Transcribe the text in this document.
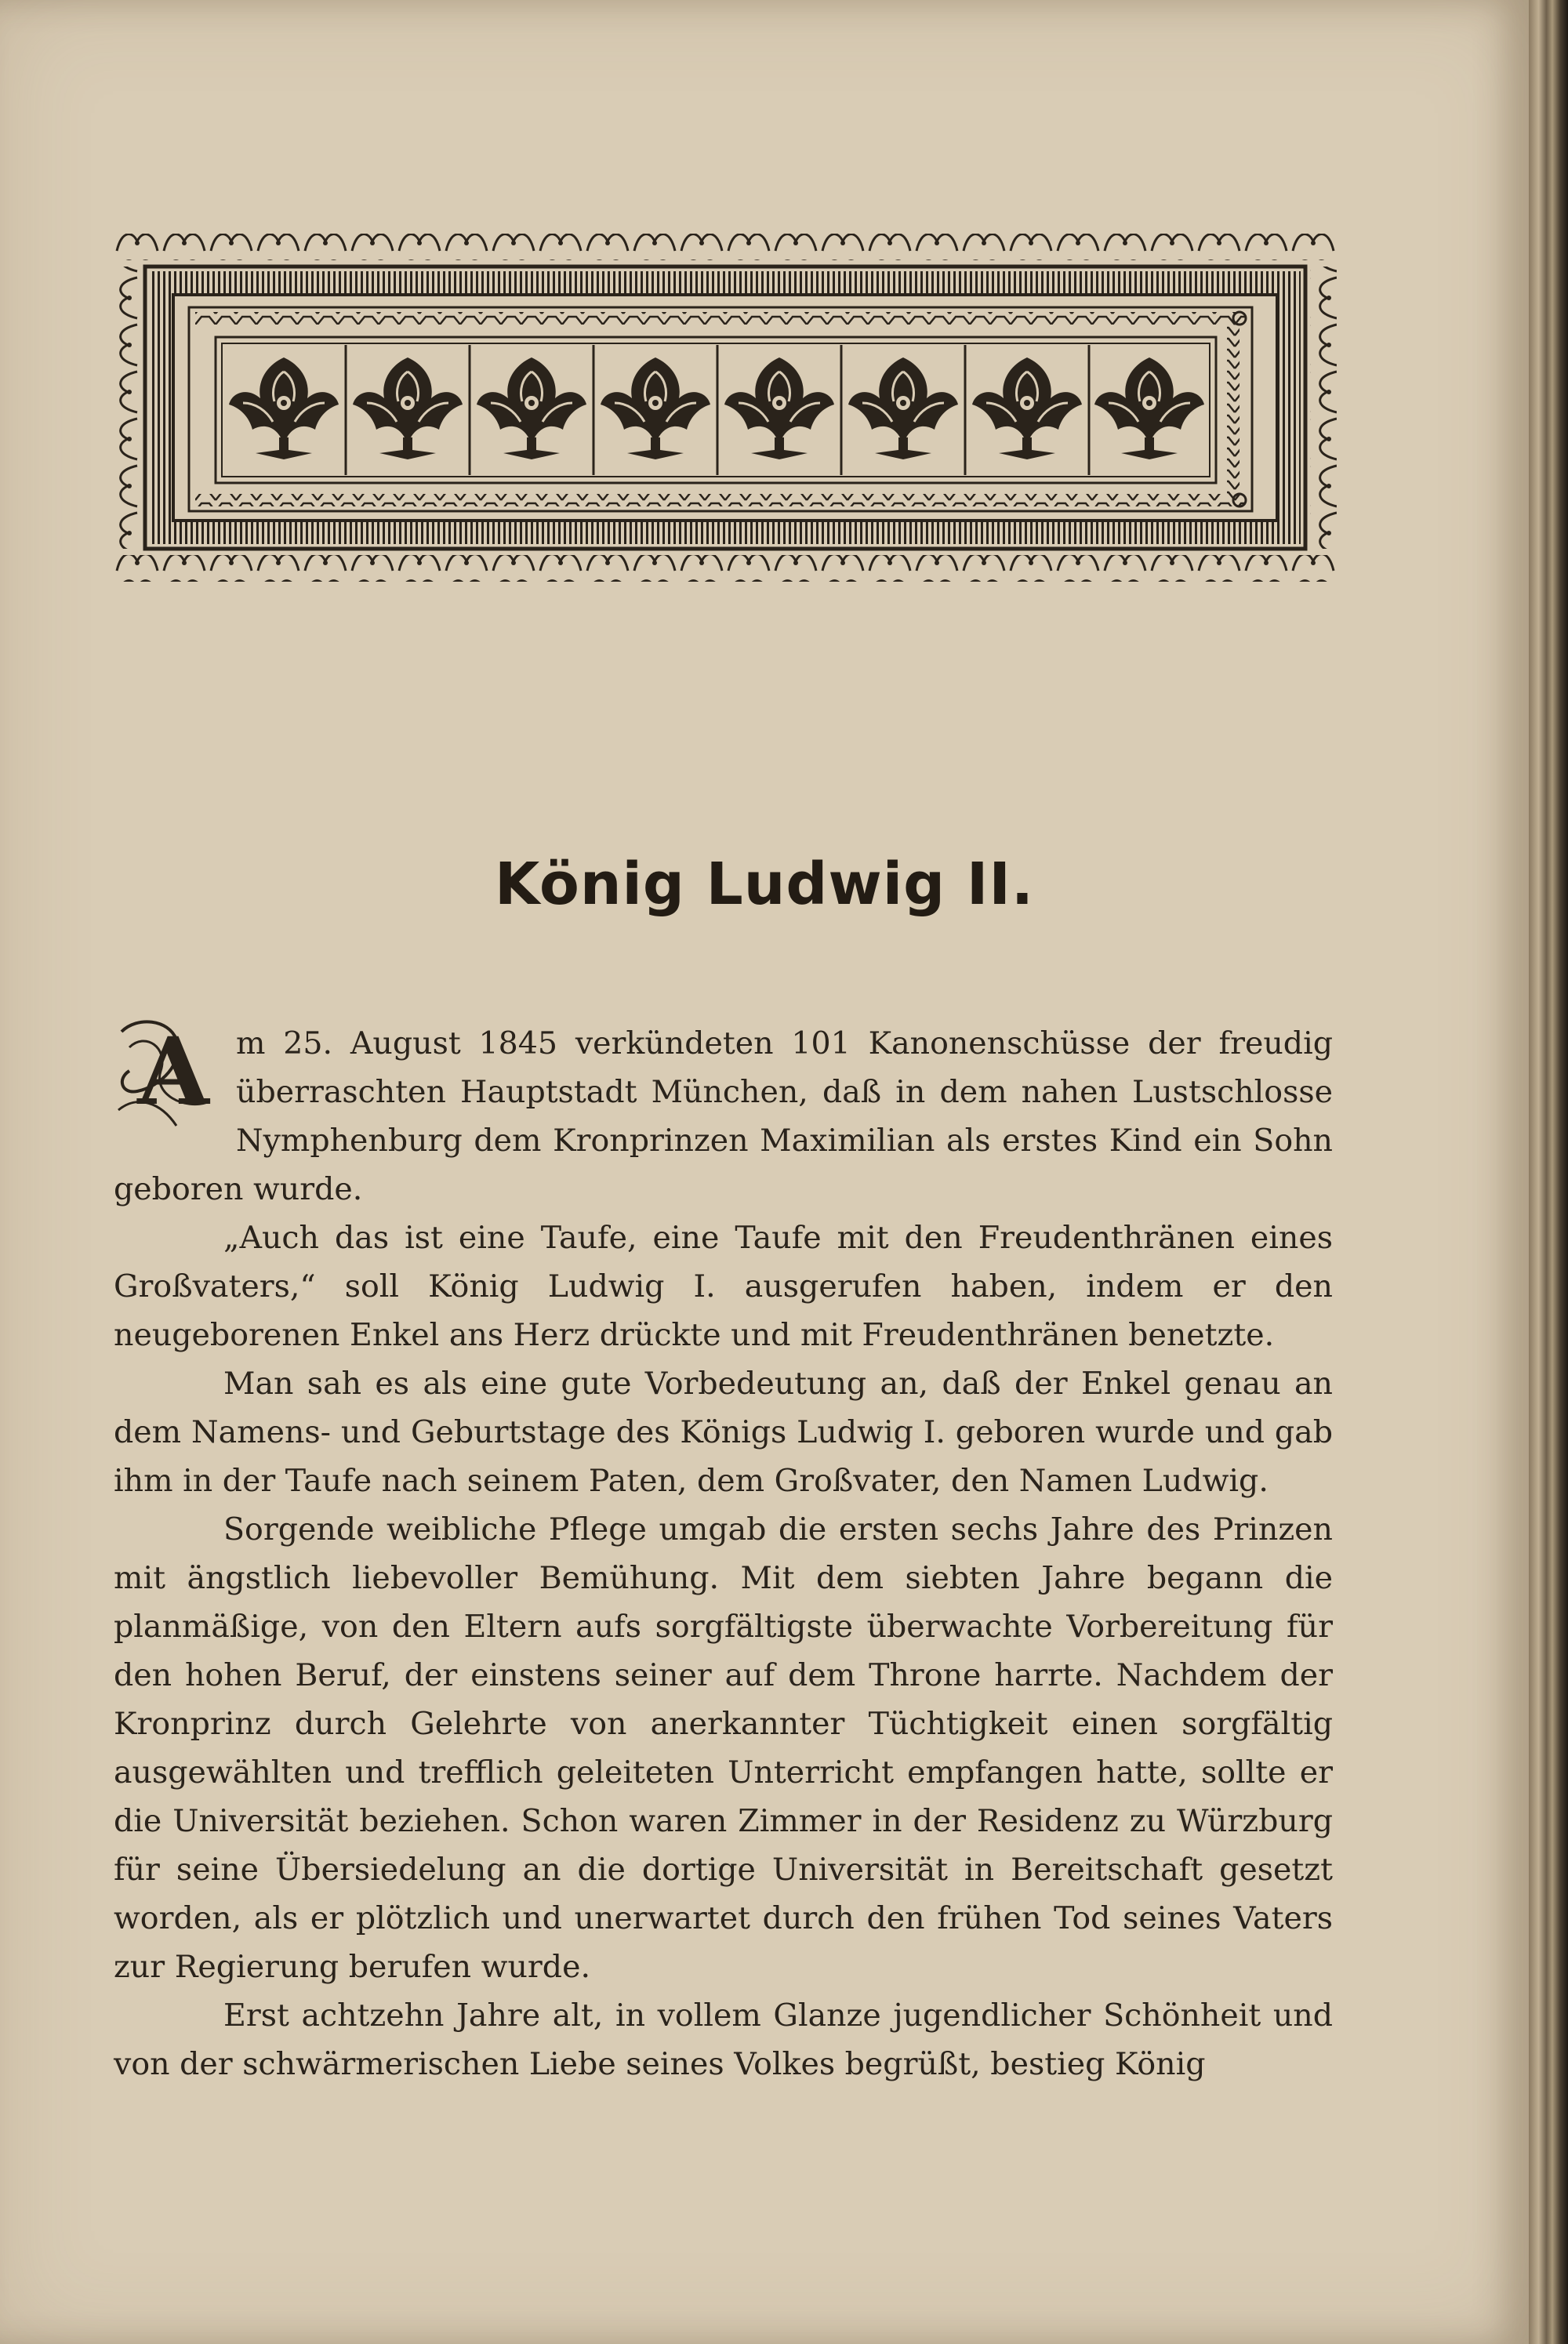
König Ludwig II.

A m 25. August 1845 verkündeten 101 Kanonenschüsse der freudig überraschten Hauptstadt München, daß in dem nahen Lustschlosse Nymphenburg dem Kronprinzen Maximilian als erstes Kind ein Sohn geboren wurde.

„Auch das ist eine Taufe, eine Taufe mit den Freudenthränen eines Großvaters,“ soll König Ludwig I. ausgerufen haben, indem er den neugeborenen Enkel ans Herz drückte und mit Freudenthränen benetzte.

Man sah es als eine gute Vorbedeutung an, daß der Enkel genau an dem Namens- und Geburtstage des Königs Ludwig I. geboren wurde und gab ihm in der Taufe nach seinem Paten, dem Großvater, den Namen Ludwig.

Sorgende weibliche Pflege umgab die ersten sechs Jahre des Prinzen mit ängstlich liebevoller Bemühung. Mit dem siebten Jahre begann die planmäßige, von den Eltern aufs sorgfältigste überwachte Vorbereitung für den hohen Beruf, der einstens seiner auf dem Throne harrte. Nachdem der Kronprinz durch Gelehrte von anerkannter Tüchtigkeit einen sorgfältig ausgewählten und trefflich geleiteten Unterricht empfangen hatte, sollte er die Universität beziehen. Schon waren Zimmer in der Residenz zu Würzburg für seine Übersiedelung an die dortige Universität in Bereitschaft gesetzt worden, als er plötzlich und unerwartet durch den frühen Tod seines Vaters zur Regierung berufen wurde.

Erst achtzehn Jahre alt, in vollem Glanze jugendlicher Schönheit und von der schwärmerischen Liebe seines Volkes begrüßt, bestieg König
